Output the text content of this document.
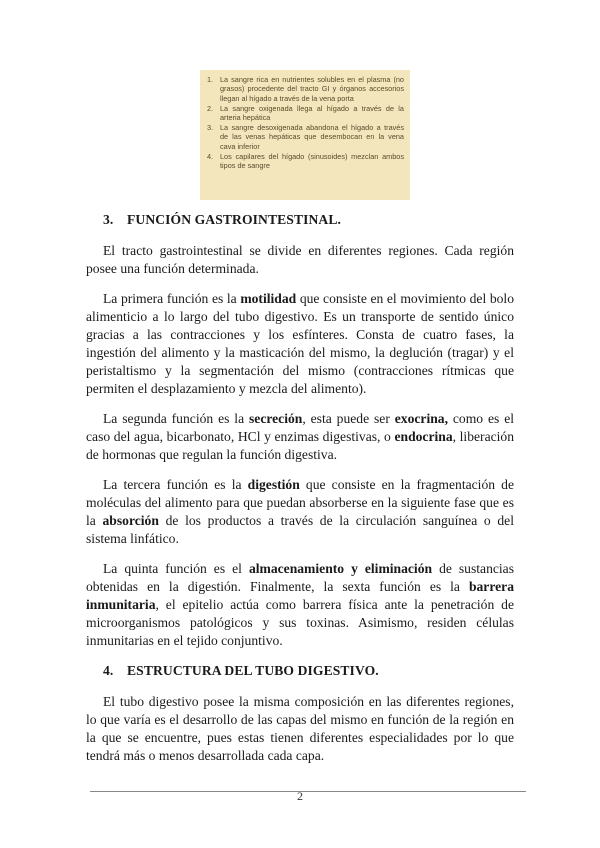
1. La sangre rica en nutrientes solubles en el plasma (no grasos) procedente del tracto GI y órganos accesorios llegan al hígado a través de la vena porta
2. La sangre oxigenada llega al hígado a través de la arteria hepática
3. La sangre desoxigenada abandona el hígado a través de las venas hepáticas que desembocan en la vena cava inferior
4. Los capilares del hígado (sinusoides) mezclan ambos tipos de sangre
3. FUNCIÓN GASTROINTESTINAL.

El tracto gastrointestinal se divide en diferentes regiones. Cada región posee una función determinada.

La primera función es la motilidad que consiste en el movimiento del bolo alimenticio a lo largo del tubo digestivo. Es un transporte de sentido único gracias a las contracciones y los esfínteres. Consta de cuatro fases, la ingestión del alimento y la masticación del mismo, la deglución (tragar) y el peristaltismo y la segmentación del mismo (contracciones rítmicas que permiten el desplazamiento y mezcla del alimento).

La segunda función es la secreción, esta puede ser exocrina, como es el caso del agua, bicarbonato, HCl y enzimas digestivas, o endocrina, liberación de hormonas que regulan la función digestiva.

La tercera función es la digestión que consiste en la fragmentación de moléculas del alimento para que puedan absorberse en la siguiente fase que es la absorción de los productos a través de la circulación sanguínea o del sistema linfático.

La quinta función es el almacenamiento y eliminación de sustancias obtenidas en la digestión. Finalmente, la sexta función es la barrera inmunitaria, el epitelio actúa como barrera física ante la penetración de microorganismos patológicos y sus toxinas. Asimismo, residen células inmunitarias en el tejido conjuntivo.

4. ESTRUCTURA DEL TUBO DIGESTIVO.

El tubo digestivo posee la misma composición en las diferentes regiones, lo que varía es el desarrollo de las capas del mismo en función de la región en la que se encuentre, pues estas tienen diferentes especialidades por lo que tendrá más o menos desarrollada cada capa.

2
